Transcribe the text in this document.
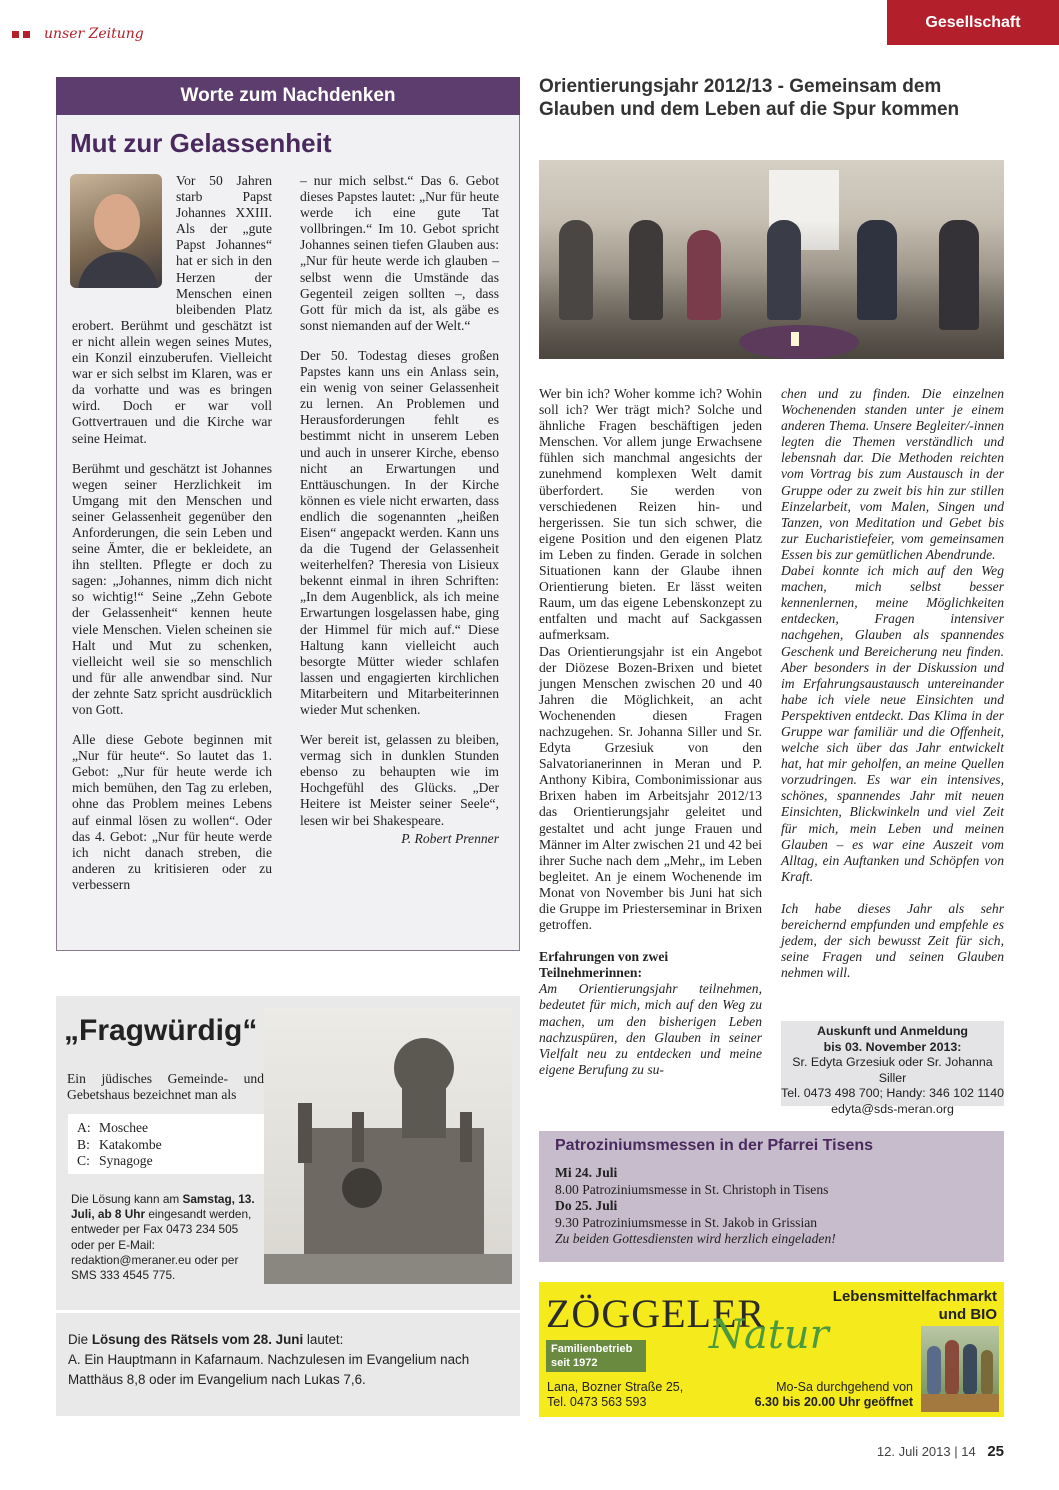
unser Zeitung
Gesellschaft
Worte zum Nachdenken
Mut zur Gelassenheit

Vor 50 Jahren starb Papst Johannes XXIII. Als der „gute Papst Johannes“ hat er sich in den Herzen der Menschen einen bleibenden Platz erobert. Berühmt und geschätzt ist er nicht allein wegen seines Mutes, ein Konzil einzuberufen. Vielleicht war er sich selbst im Klaren, was er da vorhatte und was es bringen wird. Doch er war voll Gottvertrauen und die Kirche war seine Heimat.

Berühmt und geschätzt ist Johannes wegen seiner Herzlichkeit im Umgang mit den Menschen und seiner Gelassenheit gegenüber den Anforderungen, die sein Leben und seine Ämter, die er bekleidete, an ihn stellten. Pflegte er doch zu sagen: „Johannes, nimm dich nicht so wichtig!“ Seine „Zehn Gebote der Gelassenheit“ kennen heute viele Menschen. Vielen scheinen sie Halt und Mut zu schenken, vielleicht weil sie so menschlich und für alle anwendbar sind. Nur der zehnte Satz spricht ausdrücklich von Gott.

Alle diese Gebote beginnen mit „Nur für heute“. So lautet das 1. Gebot: „Nur für heute werde ich mich bemühen, den Tag zu erleben, ohne das Problem meines Lebens auf einmal lösen zu wollen“. Oder das 4. Gebot: „Nur für heute werde ich nicht danach streben, die anderen zu kritisieren oder zu verbessern

– nur mich selbst.“ Das 6. Gebot dieses Papstes lautet: „Nur für heute werde ich eine gute Tat vollbringen.“ Im 10. Gebot spricht Johannes seinen tiefen Glauben aus: „Nur für heute werde ich glauben – selbst wenn die Umstände das Gegenteil zeigen sollten –, dass Gott für mich da ist, als gäbe es sonst niemanden auf der Welt.“

Der 50. Todestag dieses großen Papstes kann uns ein Anlass sein, ein wenig von seiner Gelassenheit zu lernen. An Problemen und Herausforderungen fehlt es bestimmt nicht in unserem Leben und auch in unserer Kirche, ebenso nicht an Erwartungen und Enttäuschungen. In der Kirche können es viele nicht erwarten, dass endlich die sogenannten „heißen Eisen“ angepackt werden. Kann uns da die Tugend der Gelassenheit weiterhelfen? Theresia von Lisieux bekennt einmal in ihren Schriften: „In dem Augenblick, als ich meine Erwartungen losgelassen habe, ging der Himmel für mich auf.“ Diese Haltung kann vielleicht auch besorgte Mütter wieder schlafen lassen und engagierten kirchlichen Mitarbeitern und Mitarbeiterinnen wieder Mut schenken.

Wer bereit ist, gelassen zu bleiben, vermag sich in dunklen Stunden ebenso zu behaupten wie im Hochgefühl des Glücks. „Der Heitere ist Meister seiner Seele“, lesen wir bei Shakespeare.

P. Robert Prenner
Orientierungsjahr 2012/13 - Gemeinsam dem Glauben und dem Leben auf die Spur kommen

Wer bin ich? Woher komme ich? Wohin soll ich? Wer trägt mich? Solche und ähnliche Fragen beschäftigen jeden Menschen. Vor allem junge Erwachsene fühlen sich manchmal angesichts der zunehmend komplexen Welt damit überfordert. Sie werden von verschiedenen Reizen hin- und hergerissen. Sie tun sich schwer, die eigene Position und den eigenen Platz im Leben zu finden. Gerade in solchen Situationen kann der Glaube ihnen Orientierung bieten. Er lässt weiten Raum, um das eigene Lebenskonzept zu entfalten und macht auf Sackgassen aufmerksam.

Das Orientierungsjahr ist ein Angebot der Diözese Bozen-Brixen und bietet jungen Menschen zwischen 20 und 40 Jahren die Möglichkeit, an acht Wochenenden diesen Fragen nachzugehen. Sr. Johanna Siller und Sr. Edyta Grzesiuk von den Salvatorianerinnen in Meran und P. Anthony Kibira, Combonimissionar aus Brixen haben im Arbeitsjahr 2012/13 das Orientierungsjahr geleitet und gestaltet und acht junge Frauen und Männer im Alter zwischen 21 und 42 bei ihrer Suche nach dem „Mehr„ im Leben begleitet. An je einem Wochenende im Monat von November bis Juni hat sich die Gruppe im Priesterseminar in Brixen getroffen.

Erfahrungen von zwei Teilnehmerinnen:

Am Orientierungsjahr teilnehmen, bedeutet für mich, mich auf den Weg zu machen, um den bisherigen Leben nachzuspüren, den Glauben in seiner Vielfalt neu zu entdecken und meine eigene Berufung zu su-

chen und zu finden. Die einzelnen Wochenenden standen unter je einem anderen Thema. Unsere Begleiter/-innen legten die Themen verständlich und lebensnah dar. Die Methoden reichten vom Vortrag bis zum Austausch in der Gruppe oder zu zweit bis hin zur stillen Einzelarbeit, vom Malen, Singen und Tanzen, von Meditation und Gebet bis zur Eucharistiefeier, vom gemeinsamen Essen bis zur gemütlichen Abendrunde.

Dabei konnte ich mich auf den Weg machen, mich selbst besser kennenlernen, meine Möglichkeiten entdecken, Fragen intensiver nachgehen, Glauben als spannendes Geschenk und Bereicherung neu finden. Aber besonders in der Diskussion und im Erfahrungsaustausch untereinander habe ich viele neue Einsichten und Perspektiven entdeckt. Das Klima in der Gruppe war familiär und die Offenheit, welche sich über das Jahr entwickelt hat, hat mir geholfen, an meine Quellen vorzudringen. Es war ein intensives, schönes, spannendes Jahr mit neuen Einsichten, Blickwinkeln und viel Zeit für mich, mein Leben und meinen Glauben – es war eine Auszeit vom Alltag, ein Auftanken und Schöpfen von Kraft.

Ich habe dieses Jahr als sehr bereichernd empfunden und empfehle es jedem, der sich bewusst Zeit für sich, seine Fragen und seinen Glauben nehmen will.

Auskunft und Anmeldung
bis 03. November 2013:
Sr. Edyta Grzesiuk oder Sr. Johanna Siller
Tel. 0473 498 700; Handy: 346 102 1140
edyta@sds-meran.org
„Fragwürdig“
Ein jüdisches Gemeinde- und Gebetshaus bezeichnet man als
A: Moschee
B: Katakombe
C: Synagoge
Die Lösung kann am Samstag, 13. Juli, ab 8 Uhr eingesandt werden, entweder per Fax 0473 234 505 oder per E-Mail: redaktion@meraner.eu oder per SMS 333 4545 775.
Die Lösung des Rätsels vom 28. Juni lautet:
A. Ein Hauptmann in Kafarnaum. Nachzulesen im Evangelium nach Matthäus 8,8 oder im Evangelium nach Lukas 7,6.
Patroziniumsmessen in der Pfarrei Tisens
Mi 24. Juli
8.00 Patroziniumsmesse in St. Christoph in Tisens
Do 25. Juli
9.30 Patroziniumsmesse in St. Jakob in Grissian
Zu beiden Gottesdiensten wird herzlich eingeladen!
ZÖGGELER
Natur
Familienbetrieb
seit 1972
Lebensmittelfachmarkt
und BIO
Lana, Bozner Straße 25,
Tel. 0473 563 593
Mo-Sa durchgehend von
6.30 bis 20.00 Uhr geöffnet
12. Juli 2013 | 14 25
